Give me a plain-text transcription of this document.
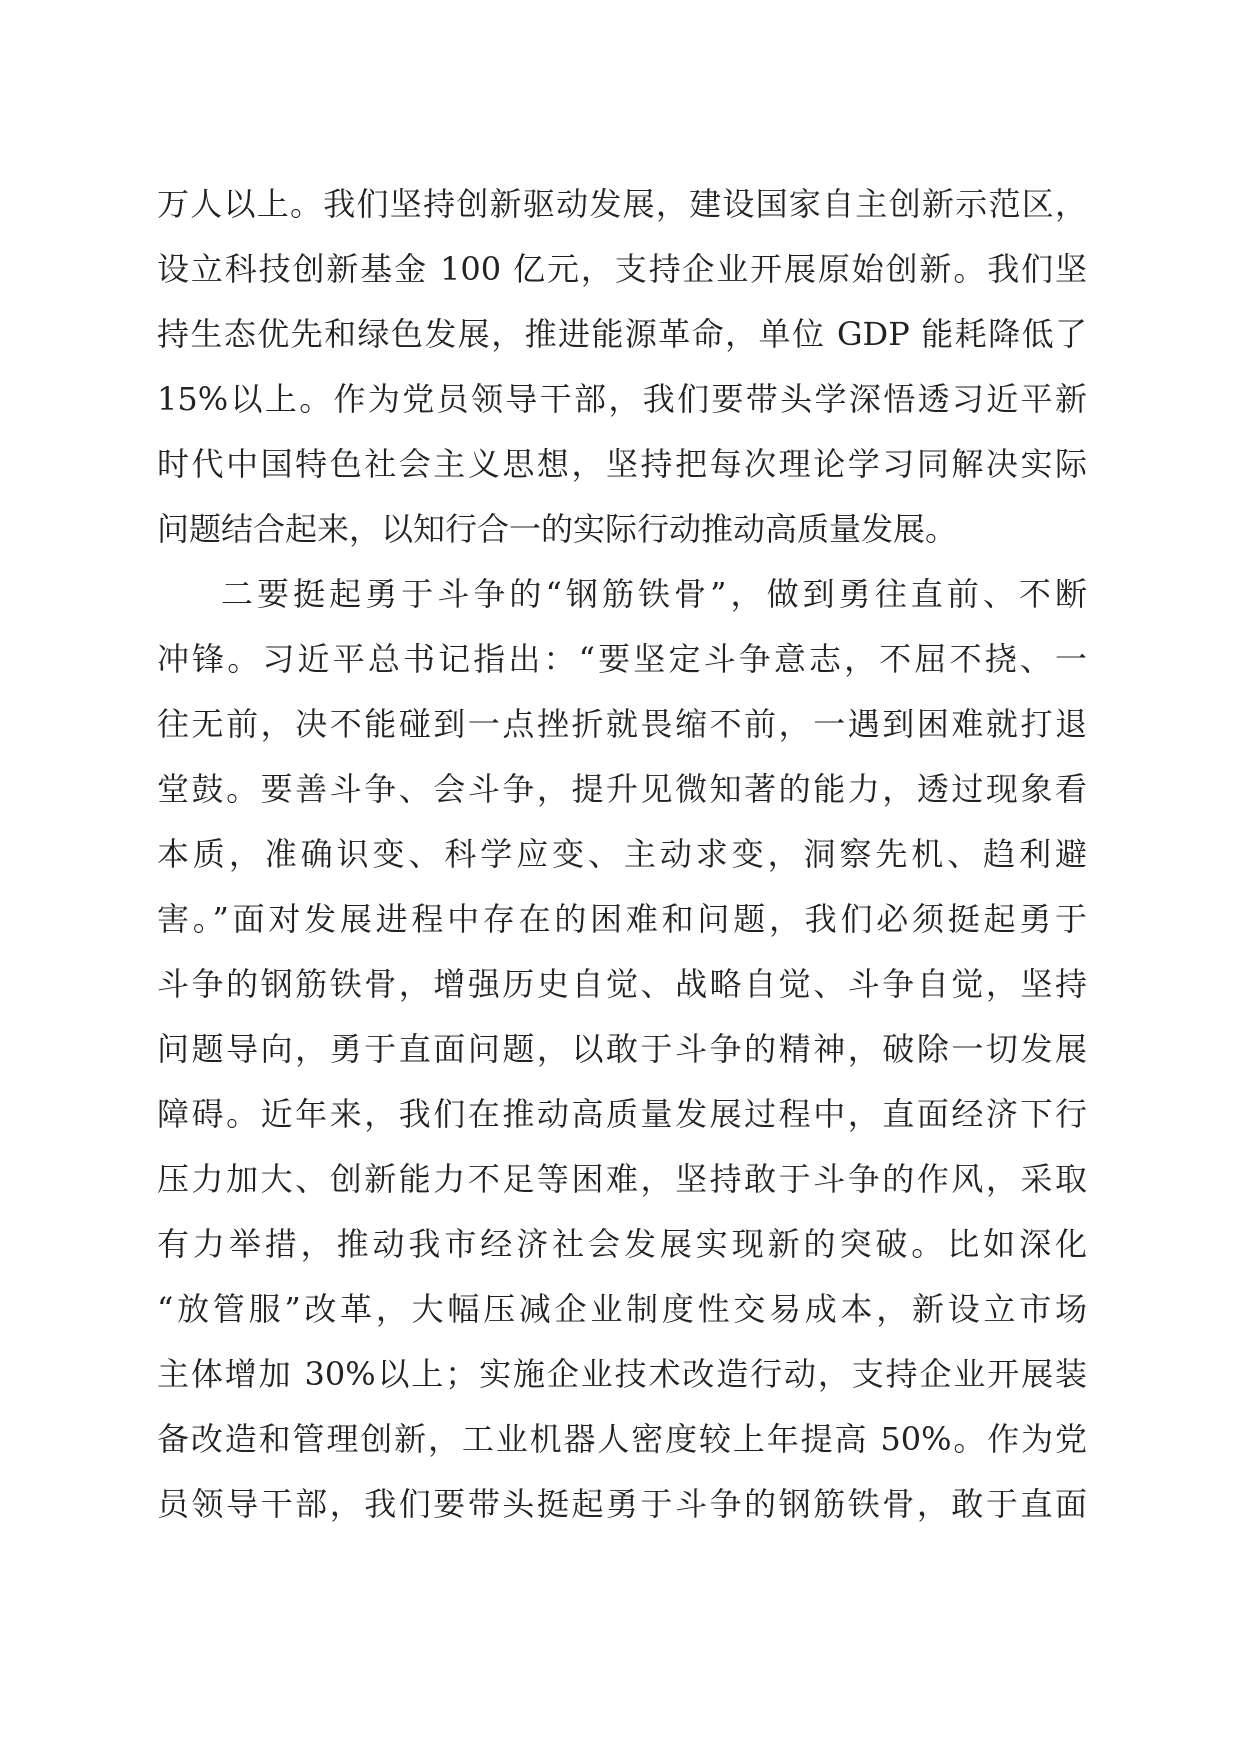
万人以上。我们坚持创新驱动发展，建设国家自主创新示范区，
设立科技创新基金 100 亿元，支持企业开展原始创新。我们坚
持生态优先和绿色发展，推进能源革命，单位 GDP 能耗降低了
15%以上。作为党员领导干部，我们要带头学深悟透习近平新
时代中国特色社会主义思想，坚持把每次理论学习同解决实际
问题结合起来，以知行合一的实际行动推动高质量发展。
二要挺起勇于斗争的“钢筋铁骨”，做到勇往直前、不断
冲锋。习近平总书记指出：“要坚定斗争意志，不屈不挠、一
往无前，决不能碰到一点挫折就畏缩不前，一遇到困难就打退
堂鼓。要善斗争、会斗争，提升见微知著的能力，透过现象看
本质，准确识变、科学应变、主动求变，洞察先机、趋利避
害。”面对发展进程中存在的困难和问题，我们必须挺起勇于
斗争的钢筋铁骨，增强历史自觉、战略自觉、斗争自觉，坚持
问题导向，勇于直面问题，以敢于斗争的精神，破除一切发展
障碍。近年来，我们在推动高质量发展过程中，直面经济下行
压力加大、创新能力不足等困难，坚持敢于斗争的作风，采取
有力举措，推动我市经济社会发展实现新的突破。比如深化
“放管服”改革，大幅压减企业制度性交易成本，新设立市场
主体增加 30%以上；实施企业技术改造行动，支持企业开展装
备改造和管理创新，工业机器人密度较上年提高 50%。作为党
员领导干部，我们要带头挺起勇于斗争的钢筋铁骨，敢于直面
